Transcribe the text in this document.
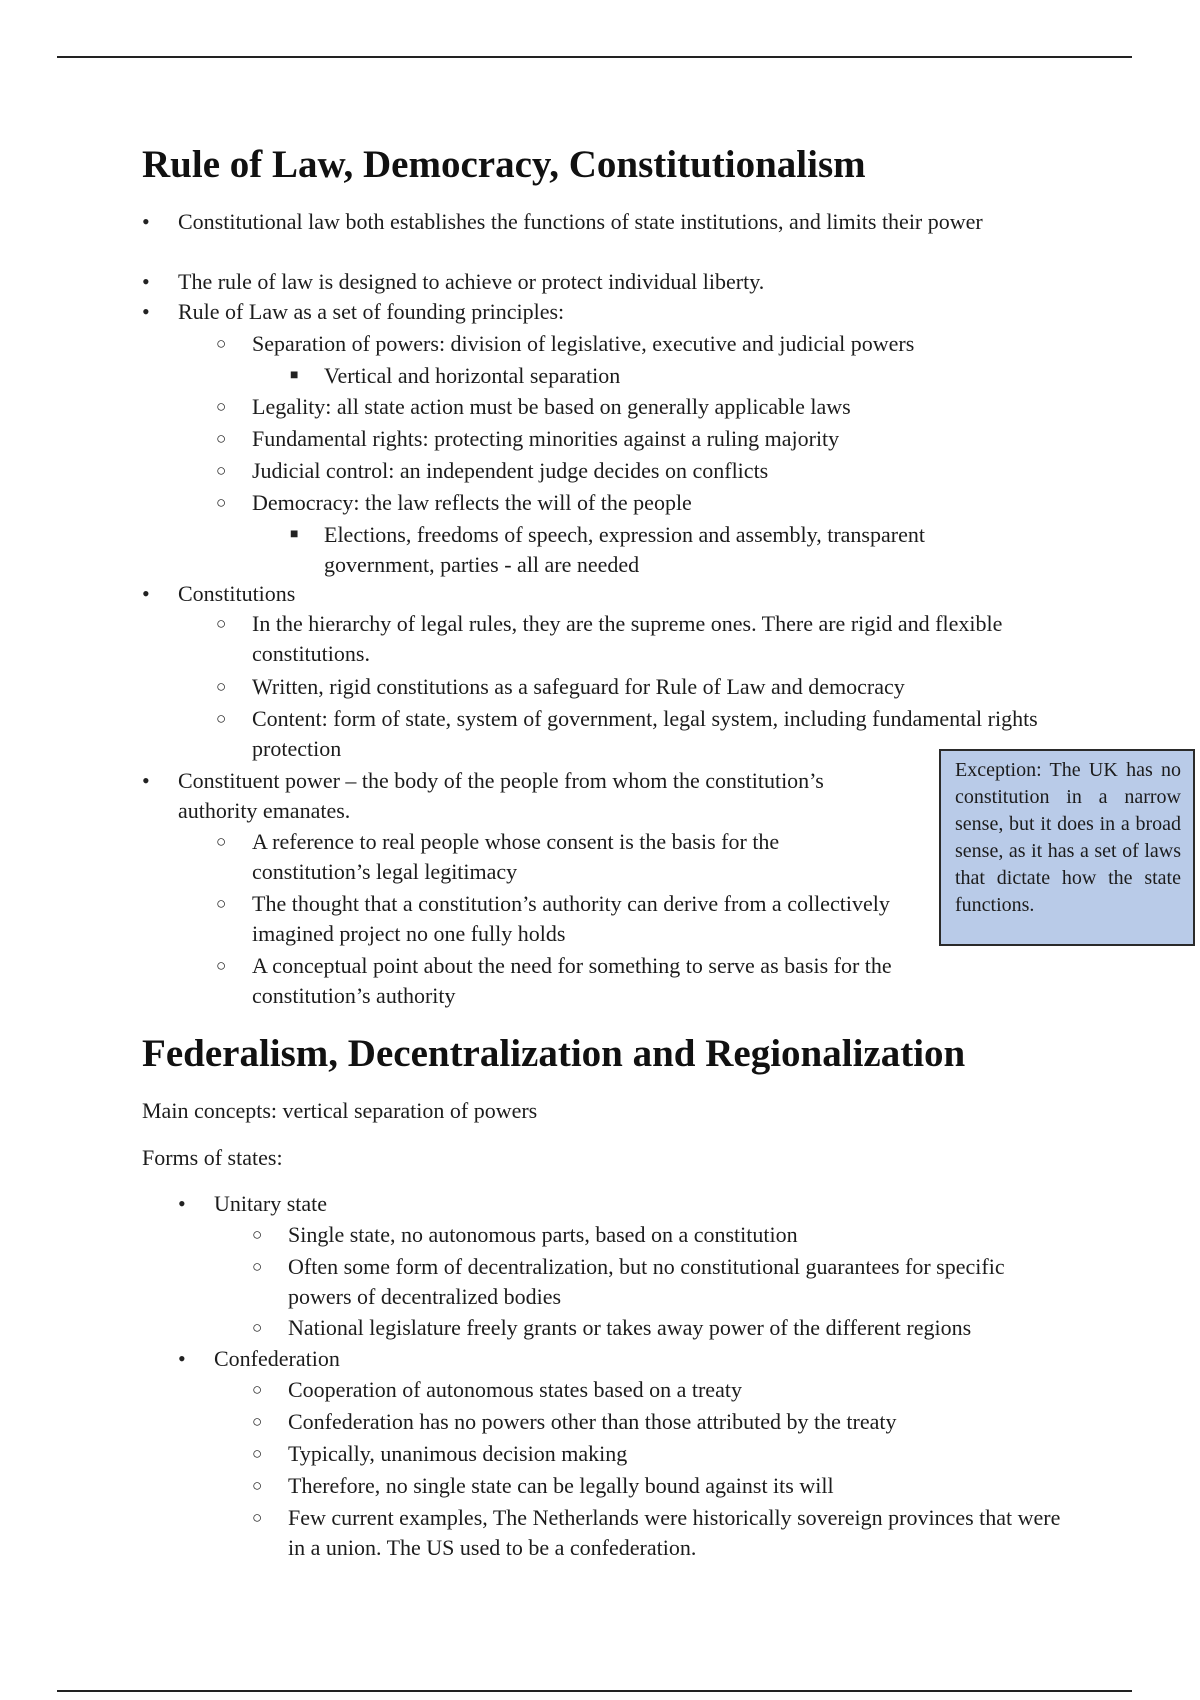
Rule of Law, Democracy, Constitutionalism
• Constitutional law both establishes the functions of state institutions, and limits their power
• The rule of law is designed to achieve or protect individual liberty.
• Rule of Law as a set of founding principles:
○ Separation of powers: division of legislative, executive and judicial powers
■ Vertical and horizontal separation
○ Legality: all state action must be based on generally applicable laws
○ Fundamental rights: protecting minorities against a ruling majority
○ Judicial control: an independent judge decides on conflicts
○ Democracy: the law reflects the will of the people
■ Elections, freedoms of speech, expression and assembly, transparent government, parties - all are needed
• Constitutions
○ In the hierarchy of legal rules, they are the supreme ones. There are rigid and flexible constitutions.
○ Written, rigid constitutions as a safeguard for Rule of Law and democracy
○ Content: form of state, system of government, legal system, including fundamental rights protection
• Constituent power – the body of the people from whom the constitution’s authority emanates.
○ A reference to real people whose consent is the basis for the constitution’s legal legitimacy
○ The thought that a constitution’s authority can derive from a collectively imagined project no one fully holds
○ A conceptual point about the need for something to serve as basis for the constitution’s authority
Exception: The UK has no constitution in a narrow sense, but it does in a broad sense, as it has a set of laws that dictate how the state functions.
Federalism, Decentralization and Regionalization
Main concepts: vertical separation of powers
Forms of states:
• Unitary state
○ Single state, no autonomous parts, based on a constitution
○ Often some form of decentralization, but no constitutional guarantees for specific powers of decentralized bodies
○ National legislature freely grants or takes away power of the different regions
• Confederation
○ Cooperation of autonomous states based on a treaty
○ Confederation has no powers other than those attributed by the treaty
○ Typically, unanimous decision making
○ Therefore, no single state can be legally bound against its will
○ Few current examples, The Netherlands were historically sovereign provinces that were in a union. The US used to be a confederation.
